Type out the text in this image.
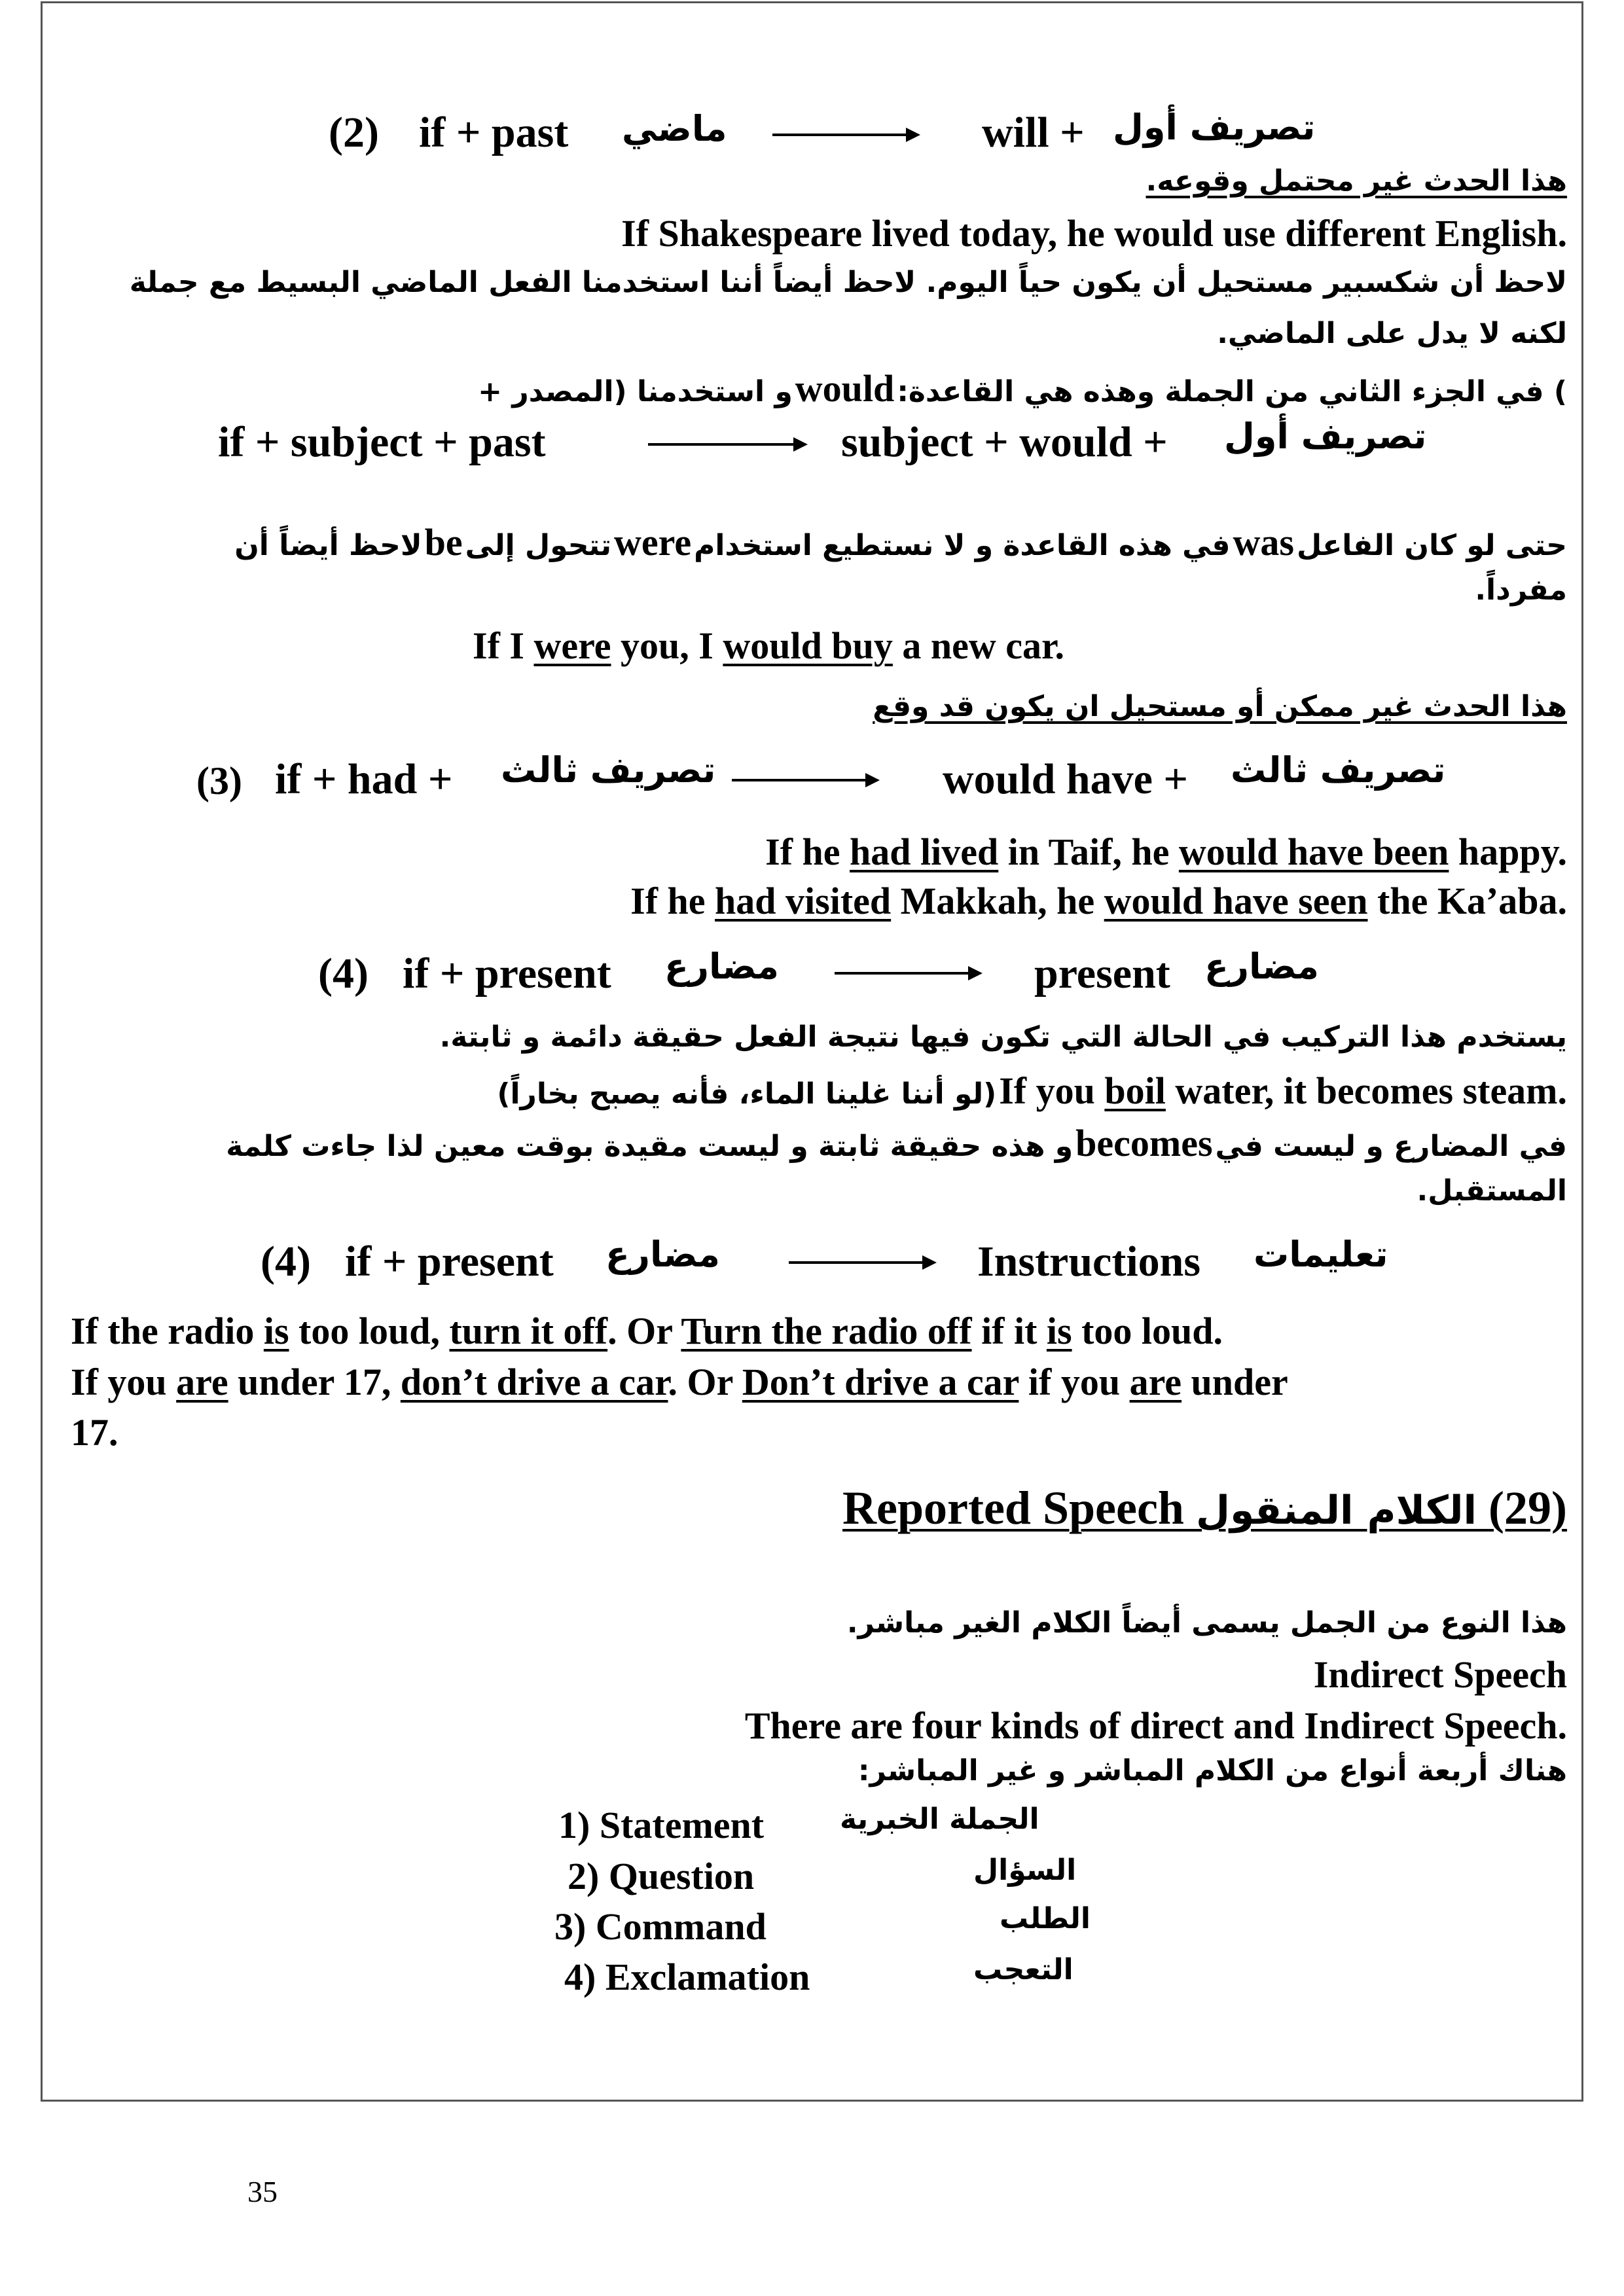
(2) if + past ماضي	will + تصريف أول
هذا الحدث غير محتمل وقوعه.
If Shakespeare lived today, he would use different English.
لاحظ أن شكسبير مستحيل أن يكون حياً اليوم. لاحظ أيضاً أننا استخدمنا الفعل الماضي البسيط مع جملة
لكنه لا يدل على الماضي.
و استخدمنا (المصدر + would ) في الجزء الثاني من الجملة وهذه هي القاعدة:
if + subject + past	subject + would + تصريف أول
لاحظ أيضاً أن be تتحول إلى were في هذه القاعدة و لا نستطيع استخدام was حتى لو كان الفاعل
مفرداً.
If I were you, I would buy a new car.
هذا الحدث غير ممكن أو مستحيل ان يكون قد وقع
(3) if + had + تصريف ثالث	would have + تصريف ثالث
If he had lived in Taif, he would have been happy.
If he had visited Makkah, he would have seen the Ka’aba.
(4) if + present مضارع	present مضارع
يستخدم هذا التركيب في الحالة التي تكون فيها نتيجة الفعل حقيقة دائمة و ثابتة.
(لو أننا غلينا الماء، فأنه يصبح بخاراً) If you boil water, it becomes steam.
و هذه حقيقة ثابتة و ليست مقيدة بوقت معين لذا جاءت كلمة becomes في المضارع و ليست في
المستقبل.
(4) if + present مضارع	Instructions تعليمات
If the radio is too loud, turn it off. Or Turn the radio off if it is too loud.
If you are under 17, don’t drive a car. Or Don’t drive a car if you are under
17.
Reported Speech الكلام المنقول (29)
هذا النوع من الجمل يسمى أيضاً الكلام الغير مباشر.
Indirect Speech
There are four kinds of direct and Indirect Speech.
هناك أربعة أنواع من الكلام المباشر و غير المباشر:
1) Statement	الجملة الخبرية
2) Question	السؤال
3) Command	الطلب
4) Exclamation	التعجب
35
